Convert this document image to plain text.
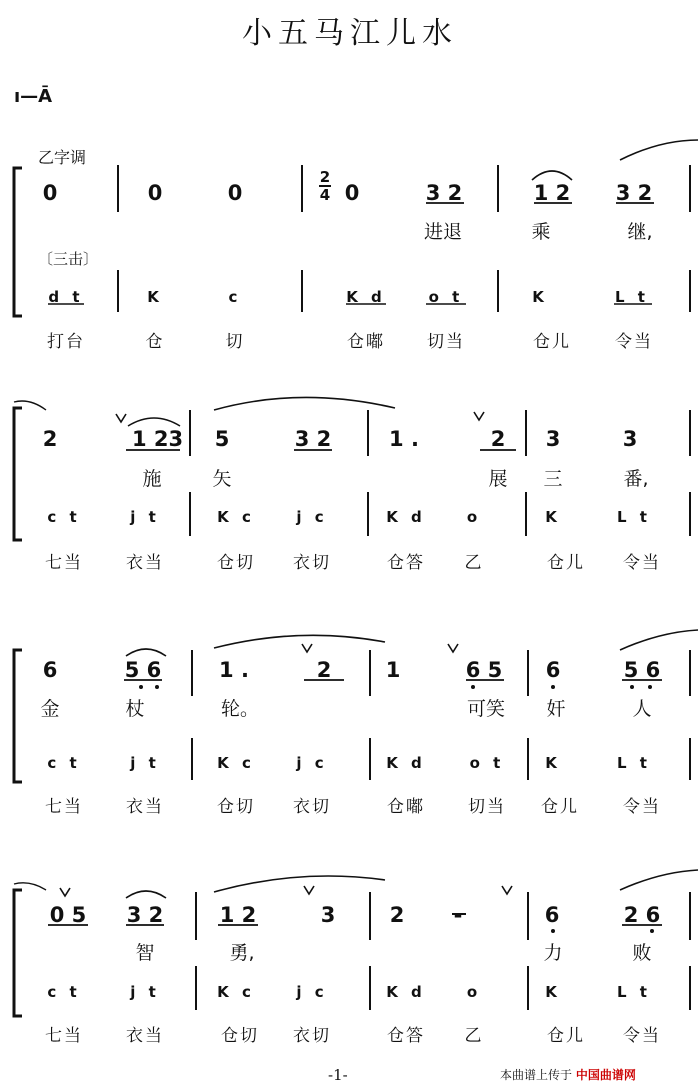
小五马江儿水
ı—Ā
乙字调
〔三击〕
2
4
0	0	0	0	3 2	1 2 3 2
进退	乘	继,
d t	K	c	K d	o t	K	L t
打台	仓	切	仓嘟 切当	仓儿	令当
2	1 23	5	3 2	1 .	2	3	3
施	矢	展 三	番,
c t	j t	K c	j c	K d	o	K	L t
七当	衣当	仓切 衣切	仓答 乙	仓儿 令当
6	5 6	1 .	2	1	6 5	6	5 6
金	杖	轮。	可笑 奸	人
c t	j t	K c	j c	K d	o t	K	L t
七当	衣当	仓切 衣切	仓嘟	切当 仓儿	令当
0 5 3 2	1 2	3	2	-	6	2 6
智	勇,	力	败
c t	j t	K c	j c	K d	o	K	L t
七当	衣当	仓切 衣切	仓答 乙	仓儿 令当
-1-	本曲谱上传于 中国曲谱网
